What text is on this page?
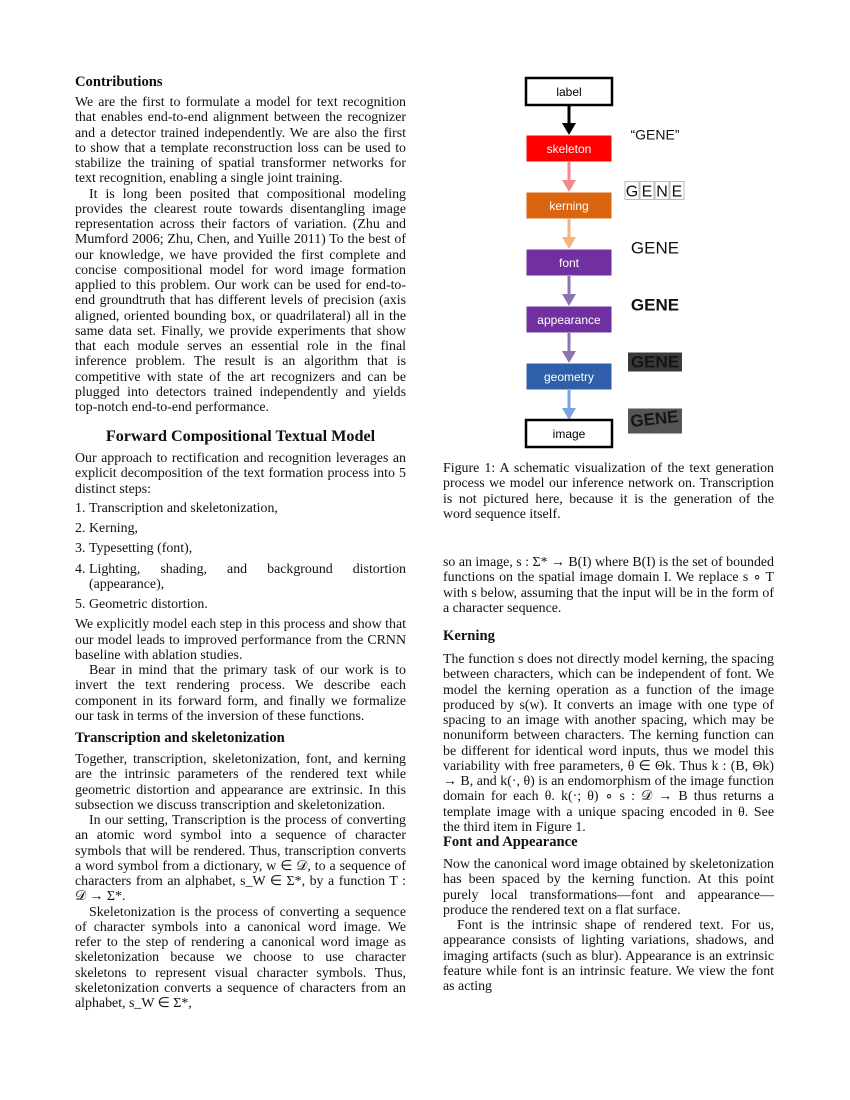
Contributions

We are the first to formulate a model for text recognition that enables end-to-end alignment between the recognizer and a detector trained independently. We are also the first to show that a template reconstruction loss can be used to stabilize the training of spatial transformer networks for text recognition, enabling a single joint training.

It is long been posited that compositional modeling provides the clearest route towards disentangling image representation across their factors of variation. (Zhu and Mumford 2006; Zhu, Chen, and Yuille 2011) To the best of our knowledge, we have provided the first complete and concise compositional model for word image formation applied to this problem. Our work can be used for end-to-end groundtruth that has different levels of precision (axis aligned, oriented bounding box, or quadrilateral) all in the same data set. Finally, we provide experiments that show that each module serves an essential role in the final inference problem. The result is an algorithm that is competitive with state of the art recognizers and can be plugged into detectors trained independently and yields top-notch end-to-end performance.

Forward Compositional Textual Model

Our approach to rectification and recognition leverages an explicit decomposition of the text formation process into 5 distinct steps:

1. Transcription and skeletonization,
2. Kerning,
3. Typesetting (font),
4. Lighting, shading, and background distortion (appearance),
5. Geometric distortion.

We explicitly model each step in this process and show that our model leads to improved performance from the CRNN baseline with ablation studies.

Bear in mind that the primary task of our work is to invert the text rendering process. We describe each component in its forward form, and finally we formalize our task in terms of the inversion of these functions.

Transcription and skeletonization

Together, transcription, skeletonization, font, and kerning are the intrinsic parameters of the rendered text while geometric distortion and appearance are extrinsic. In this subsection we discuss transcription and skeletonization.

In our setting, Transcription is the process of converting an atomic word symbol into a sequence of character symbols that will be rendered. Thus, transcription converts a word symbol from a dictionary, w ∈ 𝒟, to a sequence of characters from an alphabet, s_W ∈ Σ*, by a function T : 𝒟 → Σ*.

Skeletonization is the process of converting a sequence of character symbols into a canonical word image. We refer to the step of rendering a canonical word image as skeletonization because we choose to use character skeletons to represent visual character symbols. Thus, skeletonization converts a sequence of characters from an alphabet, s_W ∈ Σ*,

label
“GENE”
skeleton
G E N E
kerning
GENE
font
GENE
appearance
GENE
geometry
GENE
image
Figure 1: A schematic visualization of the text generation process we model our inference network on. Transcription is not pictured here, because it is the generation of the word sequence itself.
so an image, s : Σ* → B(I) where B(I) is the set of bounded functions on the spatial image domain I. We replace s ∘ T with s below, assuming that the input will be in the form of a character sequence.
Kerning
The function s does not directly model kerning, the spacing between characters, which can be independent of font. We model the kerning operation as a function of the image produced by s(w). It converts an image with one type of spacing to an image with another spacing, which may be nonuniform between characters. The kerning function can be different for identical word inputs, thus we model this variability with free parameters, θ ∈ Θk. Thus k : (B, Θk) → B, and k(·, θ) is an endomorphism of the image function domain for each θ. k(·; θ) ∘ s : 𝒟 → B thus returns a template image with a unique spacing encoded in θ. See the third item in Figure 1.
Font and Appearance

Now the canonical word image obtained by skeletonization has been spaced by the kerning function. At this point purely local transformations—font and appearance—produce the rendered text on a flat surface.

Font is the intrinsic shape of rendered text. For us, appearance consists of lighting variations, shadows, and imaging artifacts (such as blur). Appearance is an extrinsic feature while font is an intrinsic feature. We view the font as acting
